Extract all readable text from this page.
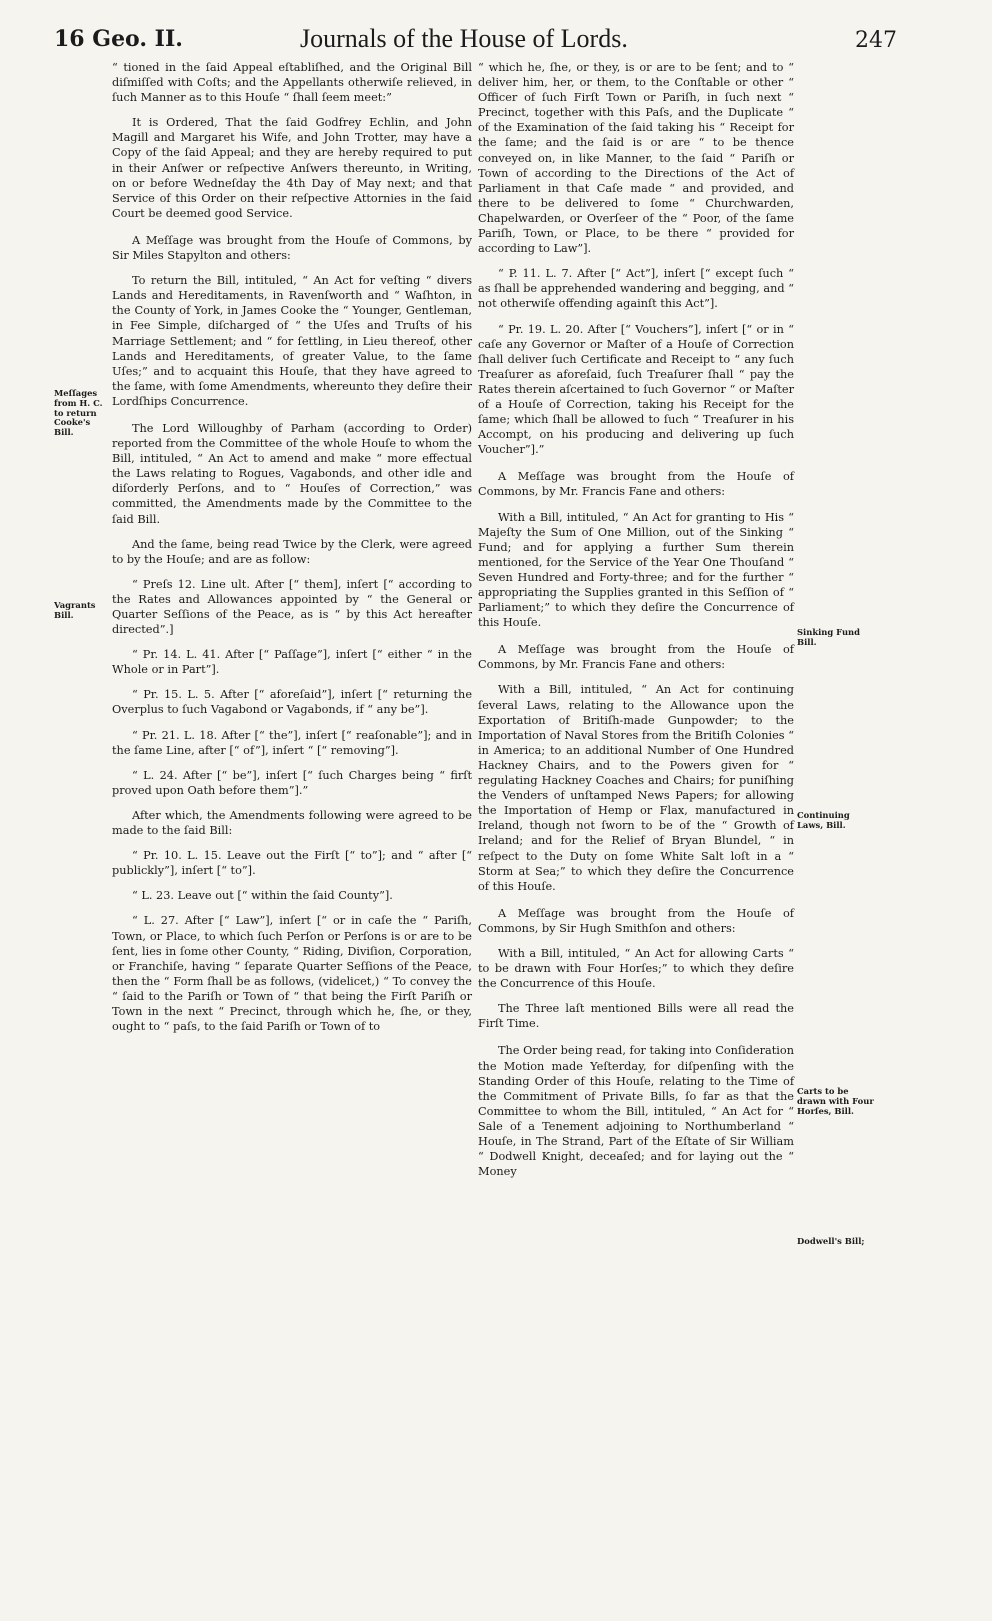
16 Geo. II.	Journals of the House of Lords.	247
Meſſages from H. C. to return Cooke's Bill.
Vagrants Bill.
Sinking Fund Bill.
Continuing Laws, Bill.
Carts to be drawn with Four Horſes, Bill.
Dodwell's Bill;

“ tioned in the ſaid Appeal eſtabliſhed, and the Original Bill diſmiſſed with Coſts; and the Appellants otherwiſe relieved, in ſuch Manner as to this Houſe “ ſhall ſeem meet:”

It is Ordered, That the ſaid Godfrey Echlin, and John Magill and Margaret his Wife, and John Trotter, may have a Copy of the ſaid Appeal; and they are hereby required to put in their Anſwer or reſpective Anſwers thereunto, in Writing, on or before Wedneſday the 4th Day of May next; and that Service of this Order on their reſpective Attornies in the ſaid Court be deemed good Service.

A Meſſage was brought from the Houſe of Commons, by Sir Miles Stapylton and others:

To return the Bill, intituled, “ An Act for veſting “ divers Lands and Hereditaments, in Ravenſworth and “ Waſhton, in the County of York, in James Cooke the “ Younger, Gentleman, in Fee Simple, diſcharged of “ the Uſes and Truſts of his Marriage Settlement; and “ for ſettling, in Lieu thereof, other Lands and Hereditaments, of greater Value, to the ſame Uſes;” and to acquaint this Houſe, that they have agreed to the ſame, with ſome Amendments, whereunto they deſire their Lordſhips Concurrence.

The Lord Willoughby of Parham (according to Order) reported from the Committee of the whole Houſe to whom the Bill, intituled, “ An Act to amend and make “ more effectual the Laws relating to Rogues, Vagabonds, and other idle and diſorderly Perſons, and to “ Houſes of Correction,” was committed, the Amendments made by the Committee to the ſaid Bill.

And the ſame, being read Twice by the Clerk, were agreed to by the Houſe; and are as follow:

“ Preſs 12. Line ult. After [“ them], inſert [“ according to the Rates and Allowances appointed by “ the General or Quarter Seſſions of the Peace, as is “ by this Act hereafter directed”.]

“ Pr. 14. L. 41. After [“ Paſſage”], inſert [“ either “ in the Whole or in Part”].

“ Pr. 15. L. 5. After [“ aforeſaid”], inſert [“ returning the Overplus to ſuch Vagabond or Vagabonds, if “ any be”].

“ Pr. 21. L. 18. After [“ the”], inſert [“ reaſonable”]; and in the ſame Line, after [“ of”], inſert “ [“ removing”].

“ L. 24. After [“ be”], inſert [“ ſuch Charges being “ firſt proved upon Oath before them”].”

After which, the Amendments following were agreed to be made to the ſaid Bill:

“ Pr. 10. L. 15. Leave out the Firſt [“ to”]; and “ after [“ publickly”], inſert [“ to”].

“ L. 23. Leave out [“ within the ſaid County”].

“ L. 27. After [“ Law”], inſert [“ or in caſe the “ Pariſh, Town, or Place, to which ſuch Perſon or Perſons is or are to be ſent, lies in ſome other County, “ Riding, Diviſion, Corporation, or Franchiſe, having “ ſeparate Quarter Seſſions of the Peace, then the “ Form ſhall be as follows, (videlicet,) “ To convey the “ ſaid to the Pariſh or Town of “ that being the Firſt Pariſh or Town in the next “ Precinct, through which he, ſhe, or they, ought to “ paſs, to the ſaid Pariſh or Town of to

“ which he, ſhe, or they, is or are to be ſent; and to “ deliver him, her, or them, to the Conſtable or other “ Officer of ſuch Firſt Town or Pariſh, in ſuch next “ Precinct, together with this Paſs, and the Duplicate “ of the Examination of the ſaid taking his “ Receipt for the ſame; and the ſaid is or are “ to be thence conveyed on, in like Manner, to the ſaid “ Pariſh or Town of according to the Directions of the Act of Parliament in that Caſe made “ and provided, and there to be delivered to ſome “ Churchwarden, Chapelwarden, or Overſeer of the “ Poor, of the ſame Pariſh, Town, or Place, to be there “ provided for according to Law”].

“ P. 11. L. 7. After [“ Act”], inſert [“ except ſuch “ as ſhall be apprehended wandering and begging, and “ not otherwiſe offending againſt this Act”].

“ Pr. 19. L. 20. After [“ Vouchers”], inſert [“ or in “ caſe any Governor or Maſter of a Houſe of Correction ſhall deliver ſuch Certificate and Receipt to “ any ſuch Treaſurer as aforeſaid, ſuch Treaſurer ſhall “ pay the Rates therein aſcertained to ſuch Governor “ or Maſter of a Houſe of Correction, taking his Receipt for the ſame; which ſhall be allowed to ſuch “ Treaſurer in his Accompt, on his producing and delivering up ſuch Voucher”].”

A Meſſage was brought from the Houſe of Commons, by Mr. Francis Fane and others:

With a Bill, intituled, “ An Act for granting to His “ Majeſty the Sum of One Million, out of the Sinking “ Fund; and for applying a further Sum therein mentioned, for the Service of the Year One Thouſand “ Seven Hundred and Forty-three; and for the further “ appropriating the Supplies granted in this Seſſion of “ Parliament;” to which they deſire the Concurrence of this Houſe.

A Meſſage was brought from the Houſe of Commons, by Mr. Francis Fane and others:

With a Bill, intituled, “ An Act for continuing ſeveral Laws, relating to the Allowance upon the Exportation of Britiſh-made Gunpowder; to the Importation of Naval Stores from the Britiſh Colonies “ in America; to an additional Number of One Hundred Hackney Chairs, and to the Powers given for “ regulating Hackney Coaches and Chairs; for puniſhing the Venders of unſtamped News Papers; for allowing the Importation of Hemp or Flax, manufactured in Ireland, though not ſworn to be of the “ Growth of Ireland; and for the Relief of Bryan Blundel, “ in reſpect to the Duty on ſome White Salt loſt in a “ Storm at Sea;” to which they deſire the Concurrence of this Houſe.

A Meſſage was brought from the Houſe of Commons, by Sir Hugh Smithſon and others:

With a Bill, intituled, “ An Act for allowing Carts “ to be drawn with Four Horſes;” to which they deſire the Concurrence of this Houſe.

The Three laſt mentioned Bills were all read the Firſt Time.

The Order being read, for taking into Conſideration the Motion made Yeſterday, for diſpenſing with the Standing Order of this Houſe, relating to the Time of the Commitment of Private Bills, ſo far as that the Committee to whom the Bill, intituled, “ An Act for “ Sale of a Tenement adjoining to Northumberland “ Houſe, in The Strand, Part of the Eſtate of Sir William “ Dodwell Knight, deceaſed; and for laying out the “ Money
